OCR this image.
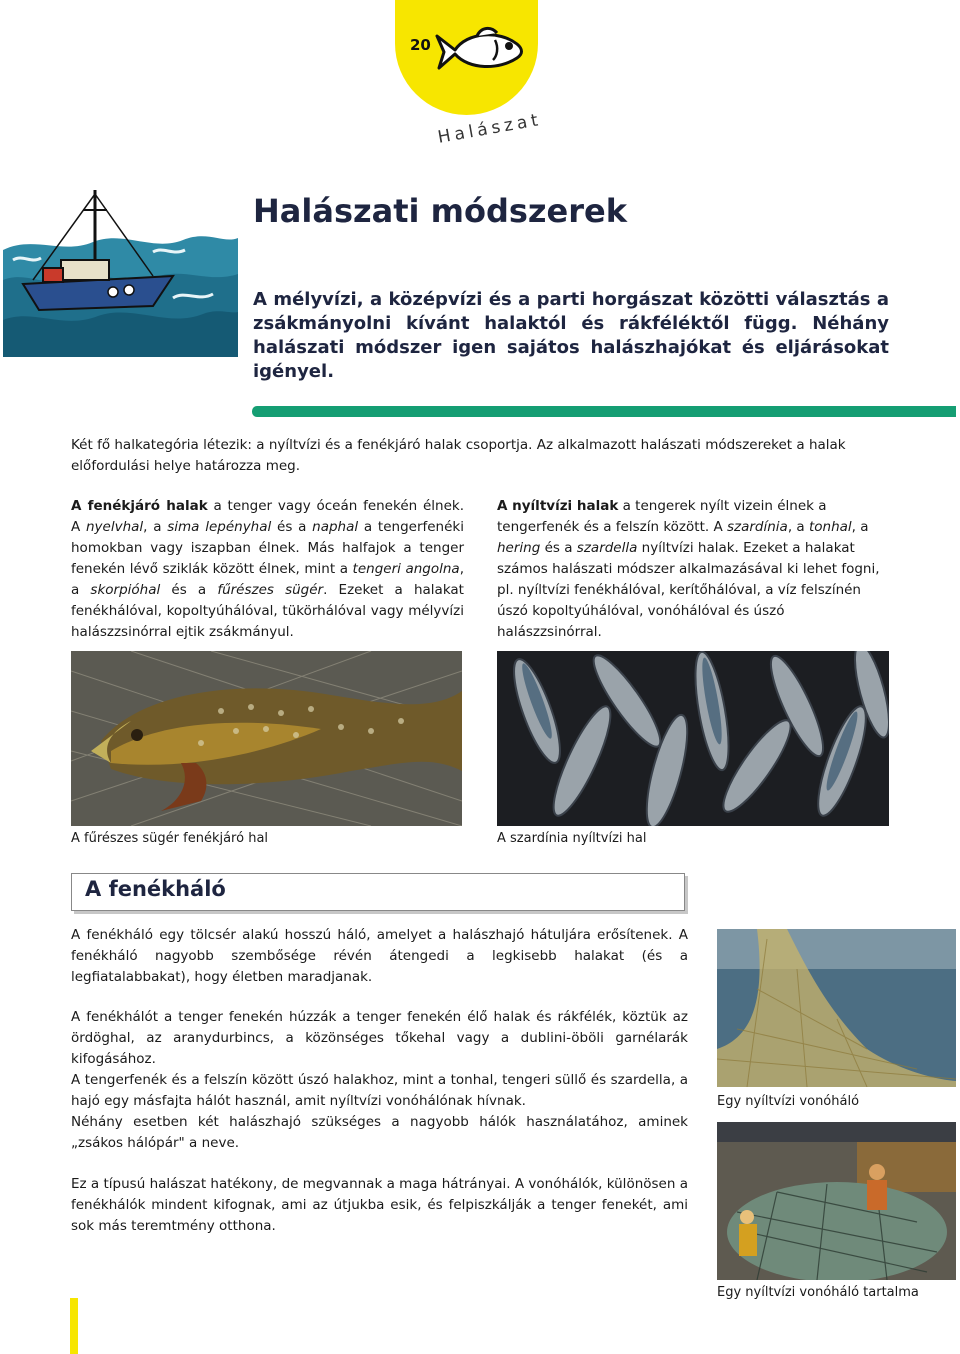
20
Halászat
Halászati módszerek
A mélyvízi, a középvízi és a parti horgászat közötti választás a zsákmányolni kívánt halaktól és rákféléktől függ. Néhány halászati módszer igen sajátos halászhajókat és eljárásokat igényel.
Két fő halkategória létezik: a nyíltvízi és a fenékjáró halak csoportja. Az alkalmazott halászati módszereket a halak előfordulási helye határozza meg.
A fenékjáró halak a tenger vagy óceán fenekén élnek. A nyelvhal, a sima lepényhal és a naphal a tengerfenéki homokban vagy iszapban élnek. Más halfajok a tenger fenekén lévő sziklák között élnek, mint a tengeri angolna, a skorpióhal és a fűrészes sügér. Ezeket a halakat fenékhálóval, kopoltyúhálóval, tükörhálóval vagy mélyvízi halászzsinórral ejtik zsákmányul.
A nyíltvízi halak a tengerek nyílt vizein élnek a tengerfenék és a felszín között. A szardínia, a tonhal, a hering és a szardella nyíltvízi halak. Ezeket a halakat számos halászati módszer alkalmazásával ki lehet fogni, pl. nyíltvízi fenékhálóval, kerítőhálóval, a víz felszínén úszó kopoltyúhálóval, vonóhálóval és úszó halászzsinórral.
A fűrészes sügér fenékjáró hal	A szardínia nyíltvízi hal
A fenékháló
A fenékháló egy tölcsér alakú hosszú háló, amelyet a halászhajó hátuljára erősítenek. A fenékháló nagyobb szembősége révén átengedi a legkisebb halakat (és a legfiatalabbakat), hogy életben maradjanak.
A fenékhálót a tenger fenekén húzzák a tenger fenekén élő halak és rákfélék, köztük az ördöghal, az aranydurbincs, a közönséges tőkehal vagy a dublini-öböli garnélarák kifogásához.
A tengerfenék és a felszín között úszó halakhoz, mint a tonhal, tengeri süllő és szardella, a hajó egy másfajta hálót használ, amit nyíltvízi vonóhálónak hívnak.
Néhány esetben két halászhajó szükséges a nagyobb hálók használatához, aminek „zsákos hálópár" a neve.
Ez a típusú halászat hatékony, de megvannak a maga hátrányai. A vonóhálók, különösen a fenékhálók mindent kifognak, ami az útjukba esik, és felpiszkálják a tenger fenekét, ami sok más teremtmény otthona.
Egy nyíltvízi vonóháló
Egy nyíltvízi vonóháló tartalma
